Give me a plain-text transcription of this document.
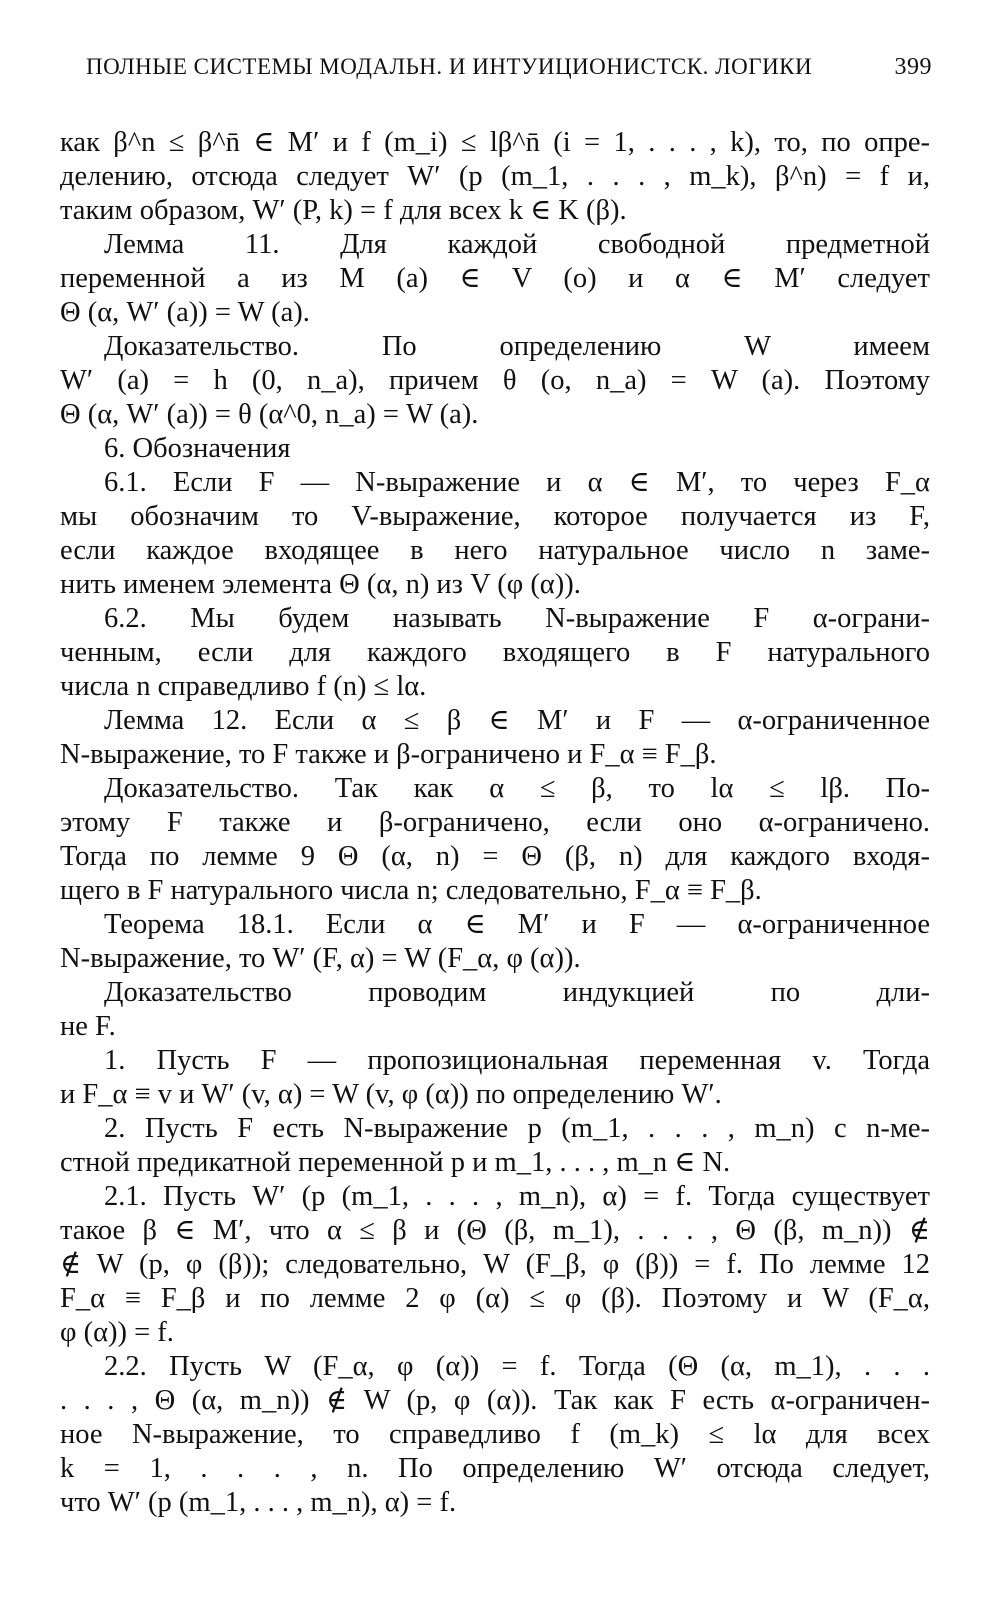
ПОЛНЫЕ СИСТЕМЫ МОДАЛЬН. И ИНТУИЦИОНИСТСК. ЛОГИКИ	399
как β^n ≤ β^n̄ ∈ M′ и f (m_i) ≤ lβ^n̄ (i = 1, . . . , k), то, по опре-
делению, отсюда следует W′ (p (m_1, . . . , m_k), β^n) = f и,
таким образом, W′ (P, k) = f для всех k ∈ K (β).
Лемма 11. Для каждой свободной предметной
переменной a из M (a) ∈ V (o) и α ∈ M′ следует
Θ (α, W′ (a)) = W (a).
Доказательство. По определению W имеем
W′ (a) = h (0, n_a), причем θ (o, n_a) = W (a). Поэтому
Θ (α, W′ (a)) = θ (α^0, n_a) = W (a).
6. Обозначения
6.1. Если F — N-выражение и α ∈ M′, то через F_α
мы обозначим то V-выражение, которое получается из F,
если каждое входящее в него натуральное число n заме-
нить именем элемента Θ (α, n) из V (φ (α)).
6.2. Мы будем называть N-выражение F α-ограни-
ченным, если для каждого входящего в F натурального
числа n справедливо f (n) ≤ lα.
Лемма 12. Если α ≤ β ∈ M′ и F — α-ограниченное
N-выражение, то F также и β-ограничено и F_α ≡ F_β.
Доказательство. Так как α ≤ β, то lα ≤ lβ. По-
этому F также и β-ограничено, если оно α-ограничено.
Тогда по лемме 9 Θ (α, n) = Θ (β, n) для каждого входя-
щего в F натурального числа n; следовательно, F_α ≡ F_β.
Теорема 18.1. Если α ∈ M′ и F — α-ограниченное
N-выражение, то W′ (F, α) = W (F_α, φ (α)).
Доказательство проводим индукцией по дли-
не F.
1. Пусть F — пропозициональная переменная v. Тогда
и F_α ≡ v и W′ (v, α) = W (v, φ (α)) по определению W′.
2. Пусть F есть N-выражение p (m_1, . . . , m_n) с n-ме-
стной предикатной переменной p и m_1, . . . , m_n ∈ N.
2.1. Пусть W′ (p (m_1, . . . , m_n), α) = f. Тогда существует
такое β ∈ M′, что α ≤ β и (Θ (β, m_1), . . . , Θ (β, m_n)) ∉
∉ W (p, φ (β)); следовательно, W (F_β, φ (β)) = f. По лемме 12
F_α ≡ F_β и по лемме 2 φ (α) ≤ φ (β). Поэтому и W (F_α,
φ (α)) = f.
2.2. Пусть W (F_α, φ (α)) = f. Тогда (Θ (α, m_1), . . .
. . . , Θ (α, m_n)) ∉ W (p, φ (α)). Так как F есть α-ограничен-
ное N-выражение, то справедливо f (m_k) ≤ lα для всех
k = 1, . . . , n. По определению W′ отсюда следует,
что W′ (p (m_1, . . . , m_n), α) = f.
